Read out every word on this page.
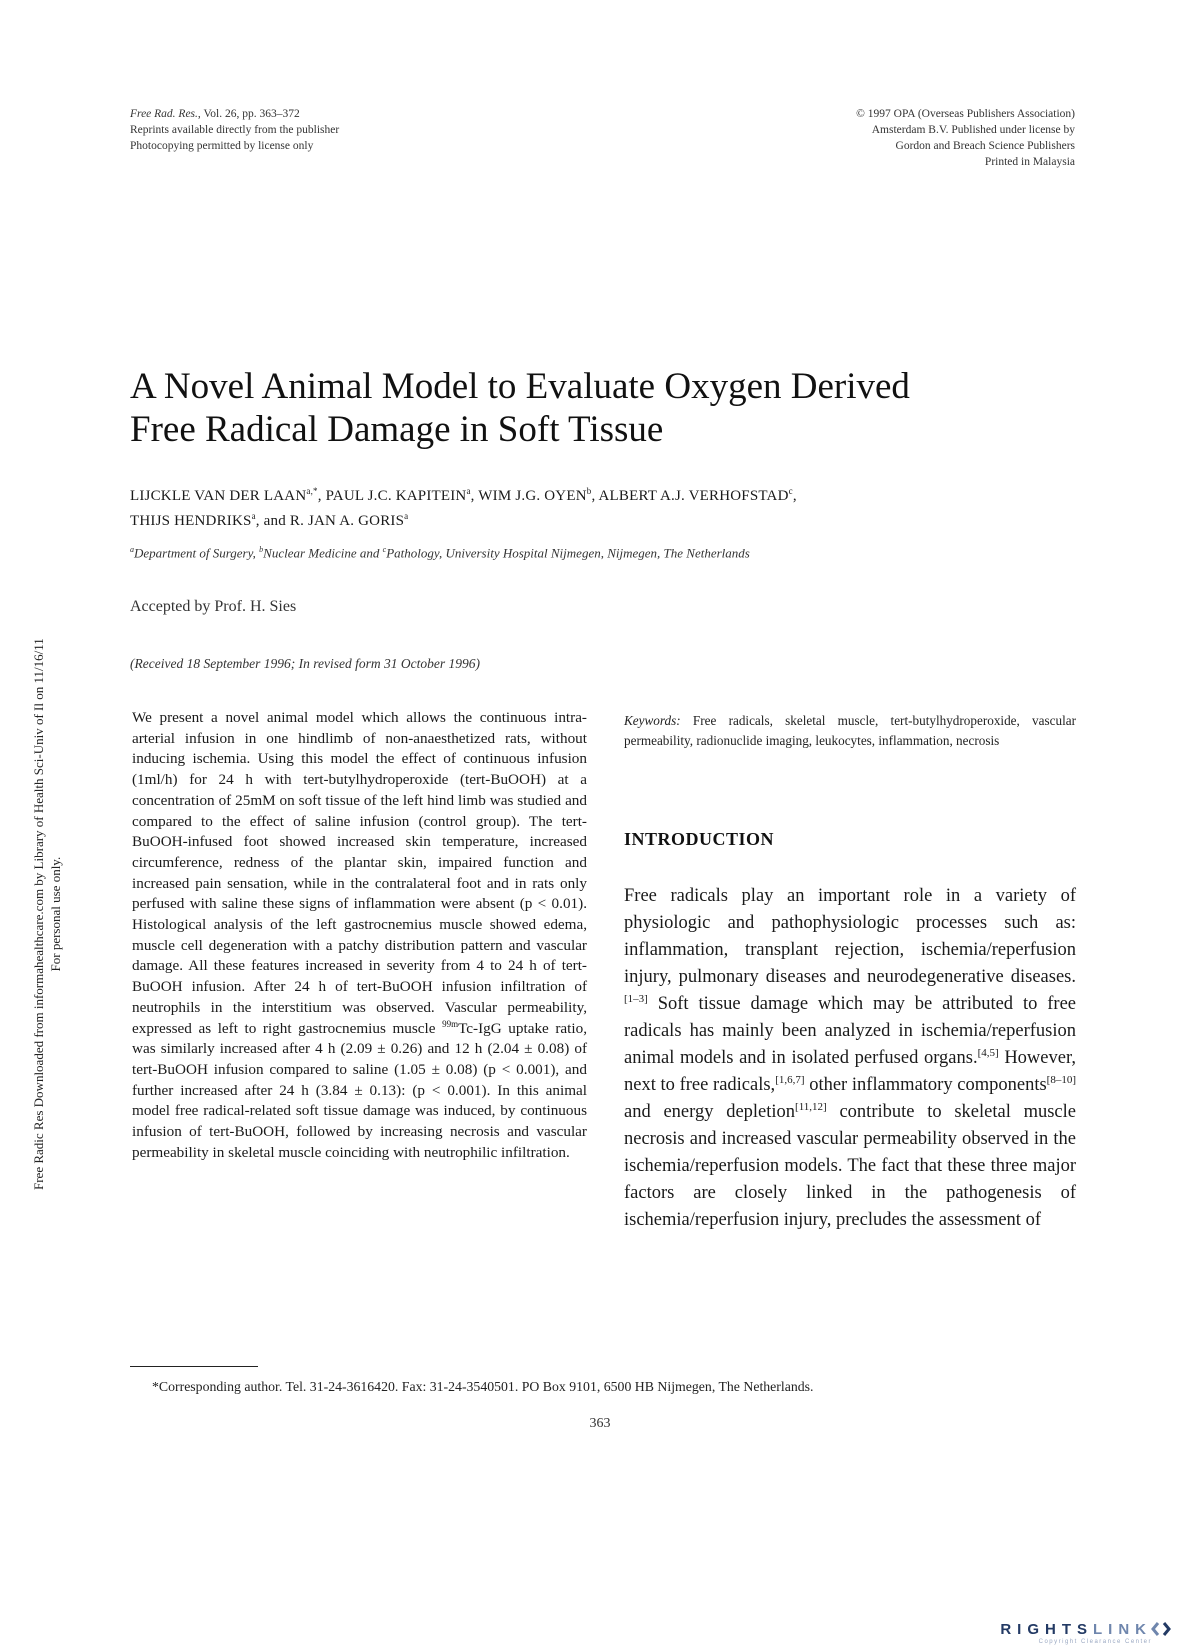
Free Rad. Res., Vol. 26, pp. 363–372
Reprints available directly from the publisher
Photocopying permitted by license only
© 1997 OPA (Overseas Publishers Association)
Amsterdam B.V. Published under license by
Gordon and Breach Science Publishers
Printed in Malaysia
Free Radic Res Downloaded from informahealthcare.com by Library of Health Sci-Univ of Il on 11/16/11 For personal use only.
A Novel Animal Model to Evaluate Oxygen Derived
Free Radical Damage in Soft Tissue
LIJCKLE VAN DER $LAAN^{a,*}$, PAUL J.C. KAPITEIN$^a$, WIM J.G. OYEN$^b$, ALBERT A.J. VERHOFSTAD$^c$,
THIJS HENDRIKS$^a$, and R. JAN A. GORIS$^a$
$^a$Department of Surgery, $^b$Nuclear Medicine and $^c$Pathology, University Hospital Nijmegen, Nijmegen, The Netherlands
Accepted by Prof. H. Sies
(Received 18 September 1996; In revised form 31 October 1996)
We present a novel animal model which allows the continuous intra-arterial infusion in one hindlimb of non-anaesthetized rats, without inducing ischemia. Using this model the effect of continuous infusion (1ml/h) for 24 h with tert-butylhydroperoxide (tert-BuOOH) at a concentration of 25mM on soft tissue of the left hind limb was studied and compared to the effect of saline infusion (control group). The tert-BuOOH-infused foot showed increased skin temperature, increased circumference, redness of the plantar skin, impaired function and increased pain sensation, while in the contralateral foot and in rats only perfused with saline these signs of inflammation were absent (p < 0.01). Histological analysis of the left gastrocnemius muscle showed edema, muscle cell degeneration with a patchy distribution pattern and vascular damage. All these features increased in severity from 4 to 24 h of tert-BuOOH infusion. After 24 h of tert-BuOOH infusion infiltration of neutrophils in the interstitium was observed. Vascular permeability, expressed as left to right gastrocnemius muscle $^{99m}$Tc-IgG uptake ratio, was similarly increased after 4 h (2.09 ± 0.26) and 12 h (2.04 ± 0.08) of tert-BuOOH infusion compared to saline (1.05 ± 0.08) (p < 0.001), and further increased after 24 h (3.84 ± 0.13): (p < 0.001). In this animal model free radical-related soft tissue damage was induced, by continuous infusion of tert-BuOOH, followed by increasing necrosis and vascular permeability in skeletal muscle coinciding with neutrophilic infiltration.
Keywords: Free radicals, skeletal muscle, tert-butylhydroperoxide, vascular permeability, radionuclide imaging, leukocytes, inflammation, necrosis
INTRODUCTION
Free radicals play an important role in a variety of physiologic and pathophysiologic processes such as: inflammation, transplant rejection, ischemia/reperfusion injury, pulmonary diseases and neurodegenerative diseases.[1–3] Soft tissue damage which may be attributed to free radicals has mainly been analyzed in ischemia/reperfusion animal models and in isolated perfused organs.[4,5] However, next to free radicals,[1,6,7] other inflammatory components[8–10] and energy depletion[11,12] contribute to skeletal muscle necrosis and increased vascular permeability observed in the ischemia/reperfusion models. The fact that these three major factors are closely linked in the pathogenesis of ischemia/reperfusion injury, precludes the assessment of
*Corresponding author. Tel. 31-24-3616420. Fax: 31-24-3540501. PO Box 9101, 6500 HB Nijmegen, The Netherlands.
363
RIGHTSLINK
Copyright Clearance Center
